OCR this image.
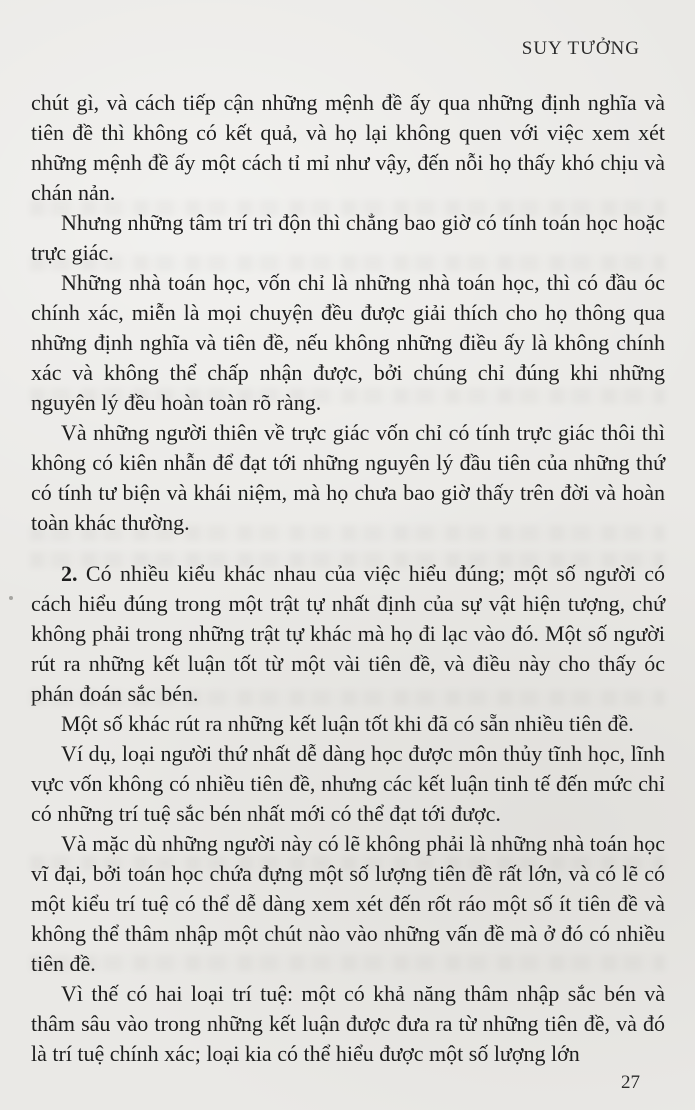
SUY TƯỞNG

chút gì, và cách tiếp cận những mệnh đề ấy qua những định nghĩa và tiên đề thì không có kết quả, và họ lại không quen với việc xem xét những mệnh đề ấy một cách tỉ mỉ như vậy, đến nỗi họ thấy khó chịu và chán nản.

Nhưng những tâm trí trì độn thì chẳng bao giờ có tính toán học hoặc trực giác.

Những nhà toán học, vốn chỉ là những nhà toán học, thì có đầu óc chính xác, miễn là mọi chuyện đều được giải thích cho họ thông qua những định nghĩa và tiên đề, nếu không những điều ấy là không chính xác và không thể chấp nhận được, bởi chúng chỉ đúng khi những nguyên lý đều hoàn toàn rõ ràng.

Và những người thiên về trực giác vốn chỉ có tính trực giác thôi thì không có kiên nhẫn để đạt tới những nguyên lý đầu tiên của những thứ có tính tư biện và khái niệm, mà họ chưa bao giờ thấy trên đời và hoàn toàn khác thường.

2. Có nhiều kiểu khác nhau của việc hiểu đúng; một số người có cách hiểu đúng trong một trật tự nhất định của sự vật hiện tượng, chứ không phải trong những trật tự khác mà họ đi lạc vào đó. Một số người rút ra những kết luận tốt từ một vài tiên đề, và điều này cho thấy óc phán đoán sắc bén.

Một số khác rút ra những kết luận tốt khi đã có sẵn nhiều tiên đề.

Ví dụ, loại người thứ nhất dễ dàng học được môn thủy tĩnh học, lĩnh vực vốn không có nhiều tiên đề, nhưng các kết luận tinh tế đến mức chỉ có những trí tuệ sắc bén nhất mới có thể đạt tới được.

Và mặc dù những người này có lẽ không phải là những nhà toán học vĩ đại, bởi toán học chứa đựng một số lượng tiên đề rất lớn, và có lẽ có một kiểu trí tuệ có thể dễ dàng xem xét đến rốt ráo một số ít tiên đề và không thể thâm nhập một chút nào vào những vấn đề mà ở đó có nhiều tiên đề.

Vì thế có hai loại trí tuệ: một có khả năng thâm nhập sắc bén và thâm sâu vào trong những kết luận được đưa ra từ những tiên đề, và đó là trí tuệ chính xác; loại kia có thể hiểu được một số lượng lớn

27
